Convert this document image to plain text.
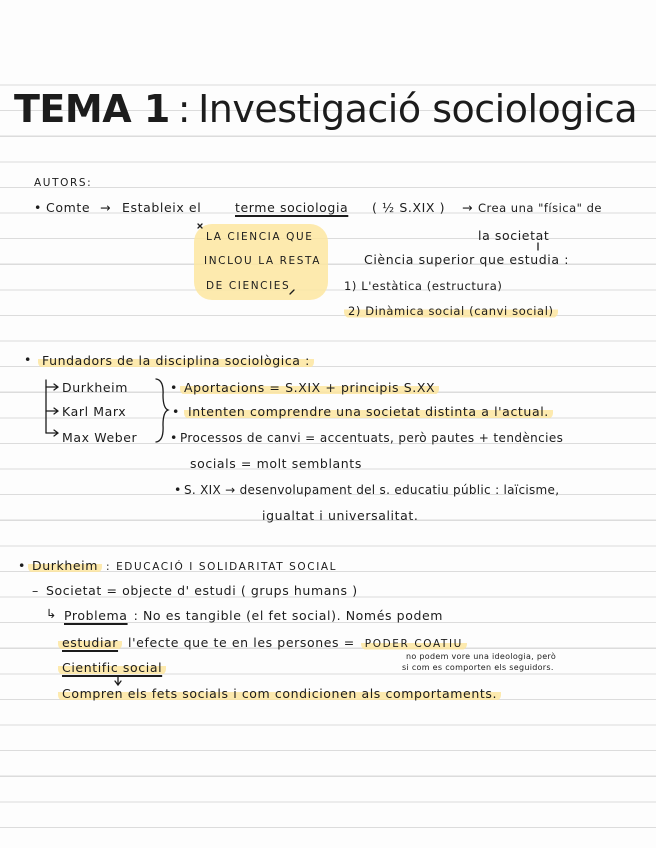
TEMA 1 : Investigació sociologica
AUTORS:
• Comte → Estableix el	terme sociologia ( ½ S.XIX ) → Crea una "física" de
LA CIENCIA QUE	la societat
INCLOU LA RESTA	Ciència superior que estudia :
DE CIENCIES	1) L'estàtica (estructura)
2) Dinàmica social (canvi social)
• Fundadors de la disciplina sociològica :
Durkheim
Karl Marx
Max Weber
• Aportacions = S.XIX + principis S.XX
• Intenten comprendre una societat distinta a l'actual.
• Processos de canvi = accentuats, però pautes + tendències
socials = molt semblants
• S. XIX → desenvolupament del s. educatiu públic : laïcisme,
igualtat i universalitat.
• Durkheim : EDUCACIÓ I SOLIDARITAT SOCIAL
– Societat = objecte d' estudi ( grups humans )
↳ Problema : No es tangible (el fet social). Només podem
estudiar l'efecte que te en les persones = PODER COATIU
Cientific social
no podem vore una ideologia, però
si com es comporten els seguidors.
Compren els fets socials i com condicionen als comportaments.
